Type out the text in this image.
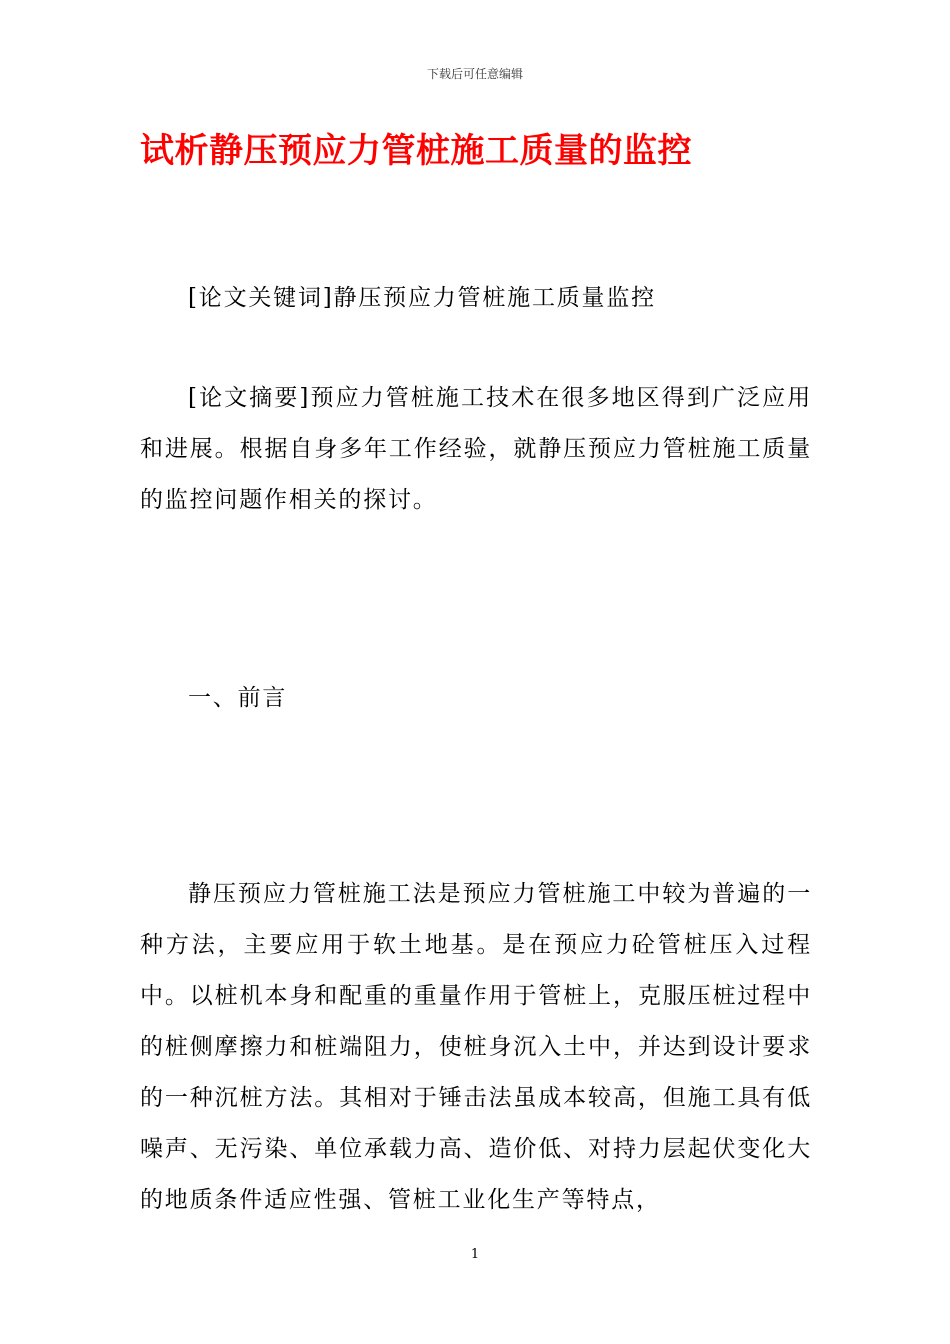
下载后可任意编辑
试析静压预应力管桩施工质量的监控

[论文关键词]静压预应力管桩施工质量监控

[论文摘要]预应力管桩施工技术在很多地区得到广泛应用和进展。根据自身多年工作经验，就静压预应力管桩施工质量的监控问题作相关的探讨。

一、前言

静压预应力管桩施工法是预应力管桩施工中较为普遍的一种方法，主要应用于软土地基。是在预应力砼管桩压入过程中。以桩机本身和配重的重量作用于管桩上，克服压桩过程中的桩侧摩擦力和桩端阻力，使桩身沉入土中，并达到设计要求的一种沉桩方法。其相对于锤击法虽成本较高，但施工具有低噪声、无污染、单位承载力高、造价低、对持力层起伏变化大的地质条件适应性强、管桩工业化生产等特点，

1
